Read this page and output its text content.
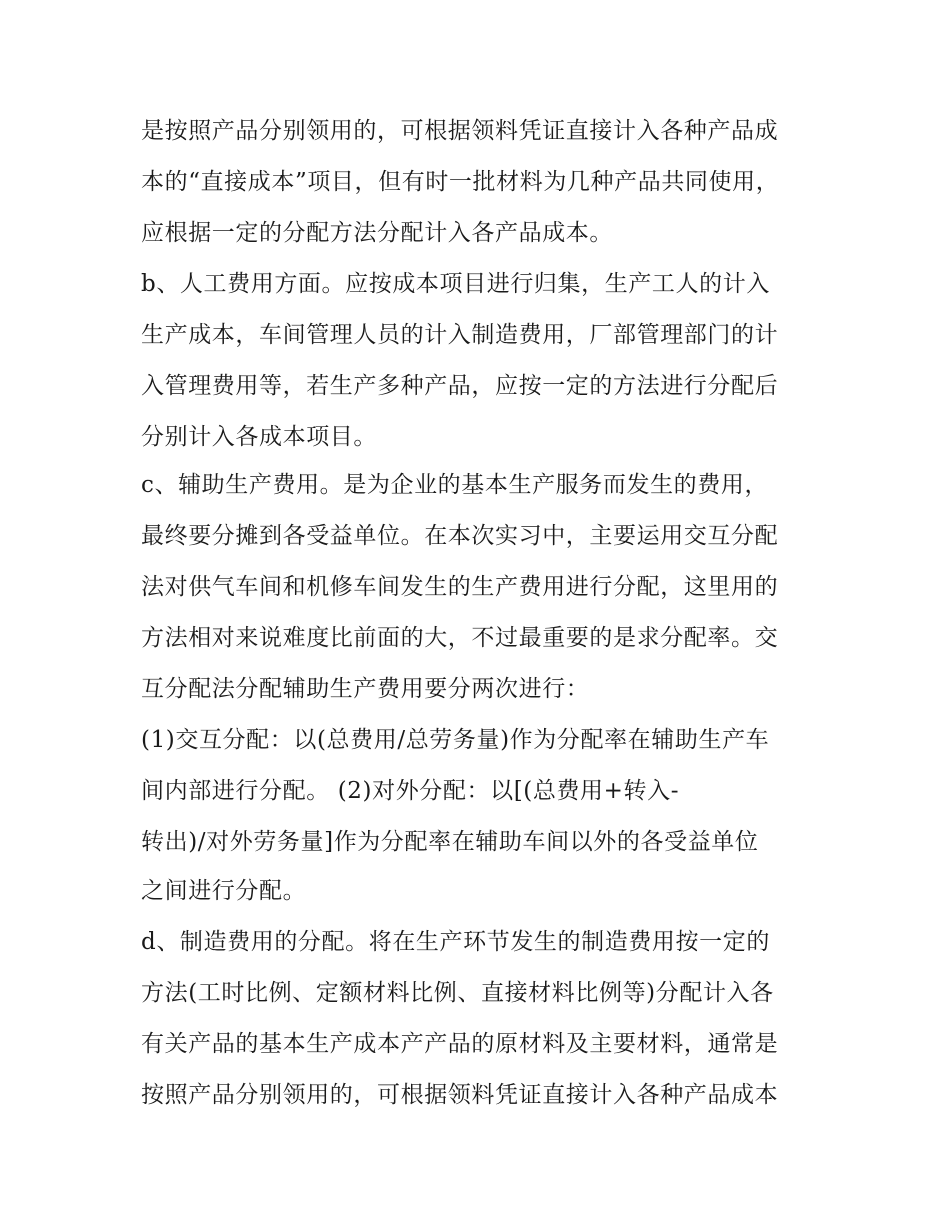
是按照产品分别领用的，可根据领料凭证直接计入各种产品成
本的“直接成本”项目，但有时一批材料为几种产品共同使用，
应根据一定的分配方法分配计入各产品成本。
b、人工费用方面。应按成本项目进行归集，生产工人的计入
生产成本，车间管理人员的计入制造费用，厂部管理部门的计
入管理费用等，若生产多种产品，应按一定的方法进行分配后
分别计入各成本项目。
c、辅助生产费用。是为企业的基本生产服务而发生的费用，
最终要分摊到各受益单位。在本次实习中，主要运用交互分配
法对供气车间和机修车间发生的生产费用进行分配，这里用的
方法相对来说难度比前面的大，不过最重要的是求分配率。交
互分配法分配辅助生产费用要分两次进行：
(1)交互分配：以(总费用/总劳务量)作为分配率在辅助生产车
间内部进行分配。 (2)对外分配：以[(总费用+转入-
转出)/对外劳务量]作为分配率在辅助车间以外的各受益单位
之间进行分配。
d、制造费用的分配。将在生产环节发生的制造费用按一定的
方法(工时比例、定额材料比例、直接材料比例等)分配计入各
有关产品的基本生产成本产产品的原材料及主要材料，通常是
按照产品分别领用的，可根据领料凭证直接计入各种产品成本
